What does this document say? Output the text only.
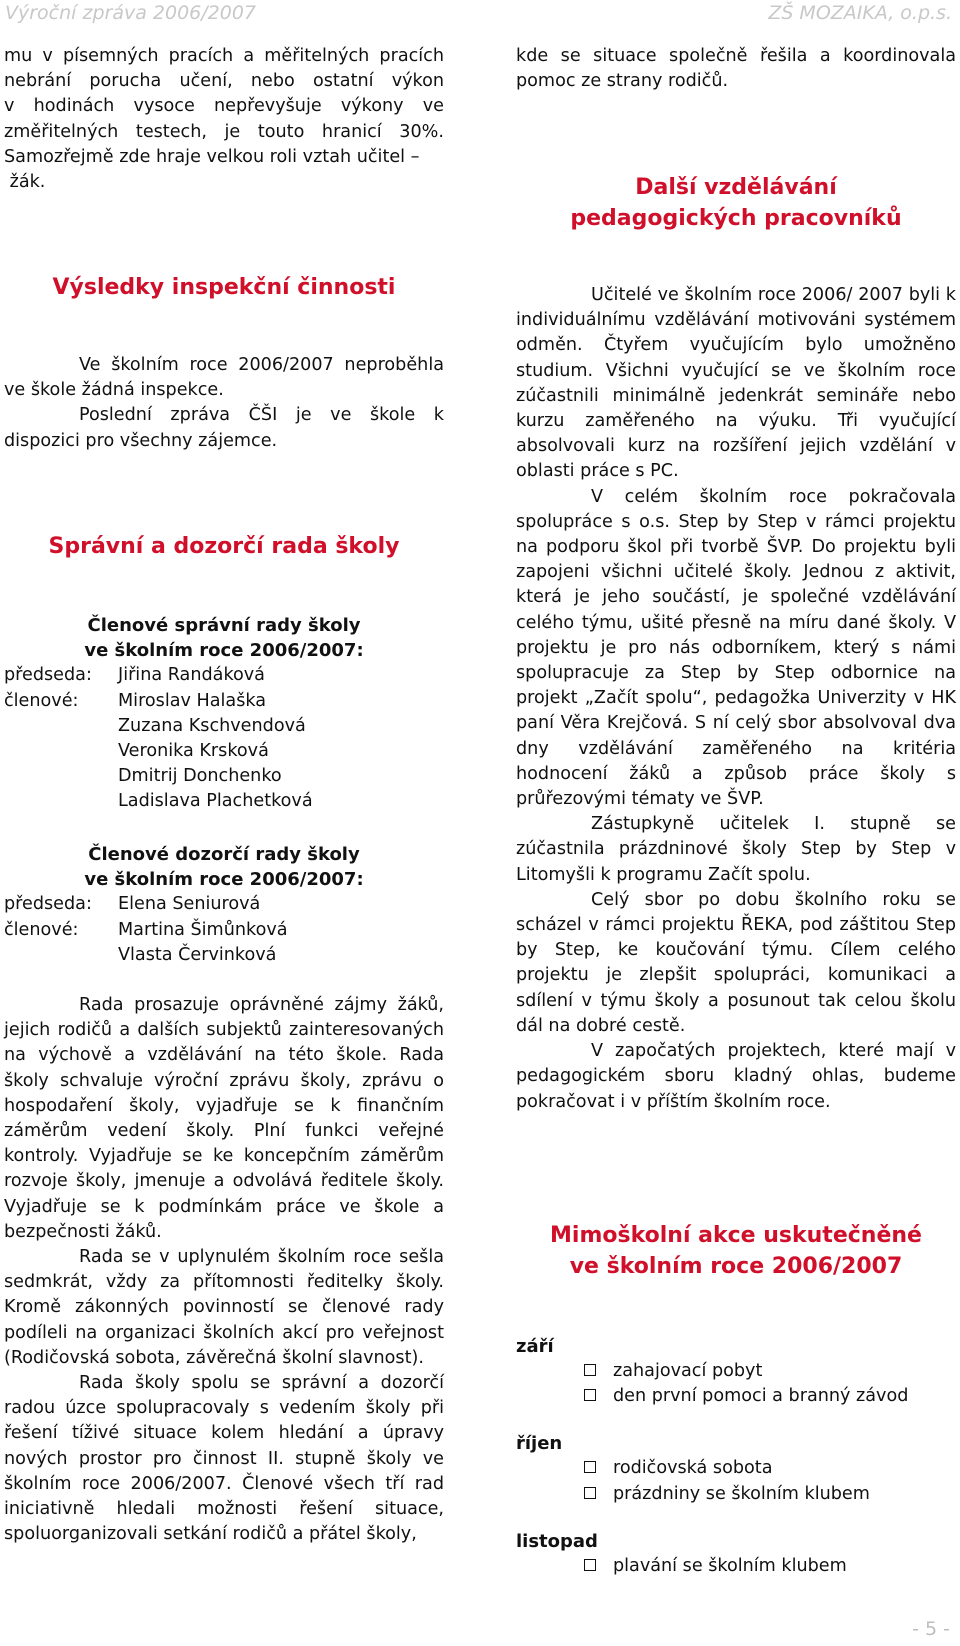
Výroční zpráva 2006/2007	ZŠ MOZAIKA, o.p.s.

mu v písemných pracích a měřitelných pracích

nebrání porucha učení, nebo ostatní výkon

v hodinách vysoce nepřevyšuje výkony ve

změřitelných testech, je touto hranicí 30%.

Samozřejmě zde hraje velkou roli vztah učitel –

žák.

Výsledky inspekční činnosti

Ve školním roce 2006/2007 neproběhla ve škole žádná inspekce.

Poslední zpráva ČŠI je ve škole k dispozici pro všechny zájemce.

Správní a dozorčí rada školy

Členové správní rady školy

ve školním roce 2006/2007:

předseda: Jiřina Randáková

členové: Miroslav Halaška

Zuzana Kschvendová

Veronika Krsková

Dmitrij Donchenko

Ladislava Plachetková

Členové dozorčí rady školy

ve školním roce 2006/2007:

předseda: Elena Seniurová

členové: Martina Šimůnková

Vlasta Červinková

Rada prosazuje oprávněné zájmy žáků, jejich rodičů a dalších subjektů zainteresovaných na výchově a vzdělávání na této škole. Rada školy schvaluje výroční zprávu školy, zprávu o hospodaření školy, vyjadřuje se k finančním záměrům vedení školy. Plní funkci veřejné kontroly. Vyjadřuje se ke koncepčním záměrům rozvoje školy, jmenuje a odvolává ředitele školy. Vyjadřuje se k podmínkám práce ve škole a bezpečnosti žáků.

Rada se v uplynulém školním roce sešla sedmkrát, vždy za přítomnosti ředitelky školy. Kromě zákonných povinností se členové rady podíleli na organizaci školních akcí pro veřejnost (Rodičovská sobota, závěrečná školní slavnost).

Rada školy spolu se správní a dozorčí radou úzce spolupracovaly s vedením školy při řešení tíživé situace kolem hledání a úpravy nových prostor pro činnost II. stupně školy ve školním roce 2006/2007. Členové všech tří rad iniciativně hledali možnosti řešení situace, spoluorganizovali setkání rodičů a přátel školy,

kde se situace společně řešila a koordinovala pomoc ze strany rodičů.

Další vzdělávání

pedagogických pracovníků

Učitelé ve školním roce 2006/ 2007 byli k individuálnímu vzdělávání motivováni systémem odměn. Čtyřem vyučujícím bylo umožněno studium. Všichni vyučující se ve školním roce zúčastnili minimálně jedenkrát semináře nebo kurzu zaměřeného na výuku. Tři vyučující absolvovali kurz na rozšíření jejich vzdělání v oblasti práce s PC.

V celém školním roce pokračovala spolupráce s o.s. Step by Step v rámci projektu na podporu škol při tvorbě ŠVP. Do projektu byli zapojeni všichni učitelé školy. Jednou z aktivit, která je jeho součástí, je společné vzdělávání celého týmu, ušité přesně na míru dané školy. V projektu je pro nás odborníkem, který s námi spolupracuje za Step by Step odbornice na projekt „Začít spolu“, pedagožka Univerzity v HK paní Věra Krejčová. S ní celý sbor absolvoval dva dny vzdělávání zaměřeného na kritéria hodnocení žáků a způsob práce školy s průřezovými tématy ve ŠVP.

Zástupkyně učitelek I. stupně se zúčastnila prázdninové školy Step by Step v Litomyšli k programu Začít spolu.

Celý sbor po dobu školního roku se scházel v rámci projektu ŘEKA, pod záštitou Step by Step, ke koučování týmu. Cílem celého projektu je zlepšit spolupráci, komunikaci a sdílení v týmu školy a posunout tak celou školu dál na dobré cestě.

V započatých projektech, které mají v pedagogickém sboru kladný ohlas, budeme pokračovat i v příštím školním roce.

Mimoškolní akce uskutečněné

ve školním roce 2006/2007

září

zahajovací pobyt

den první pomoci a branný závod

říjen

rodičovská sobota

prázdniny se školním klubem

listopad

plavání se školním klubem

- 5 -
